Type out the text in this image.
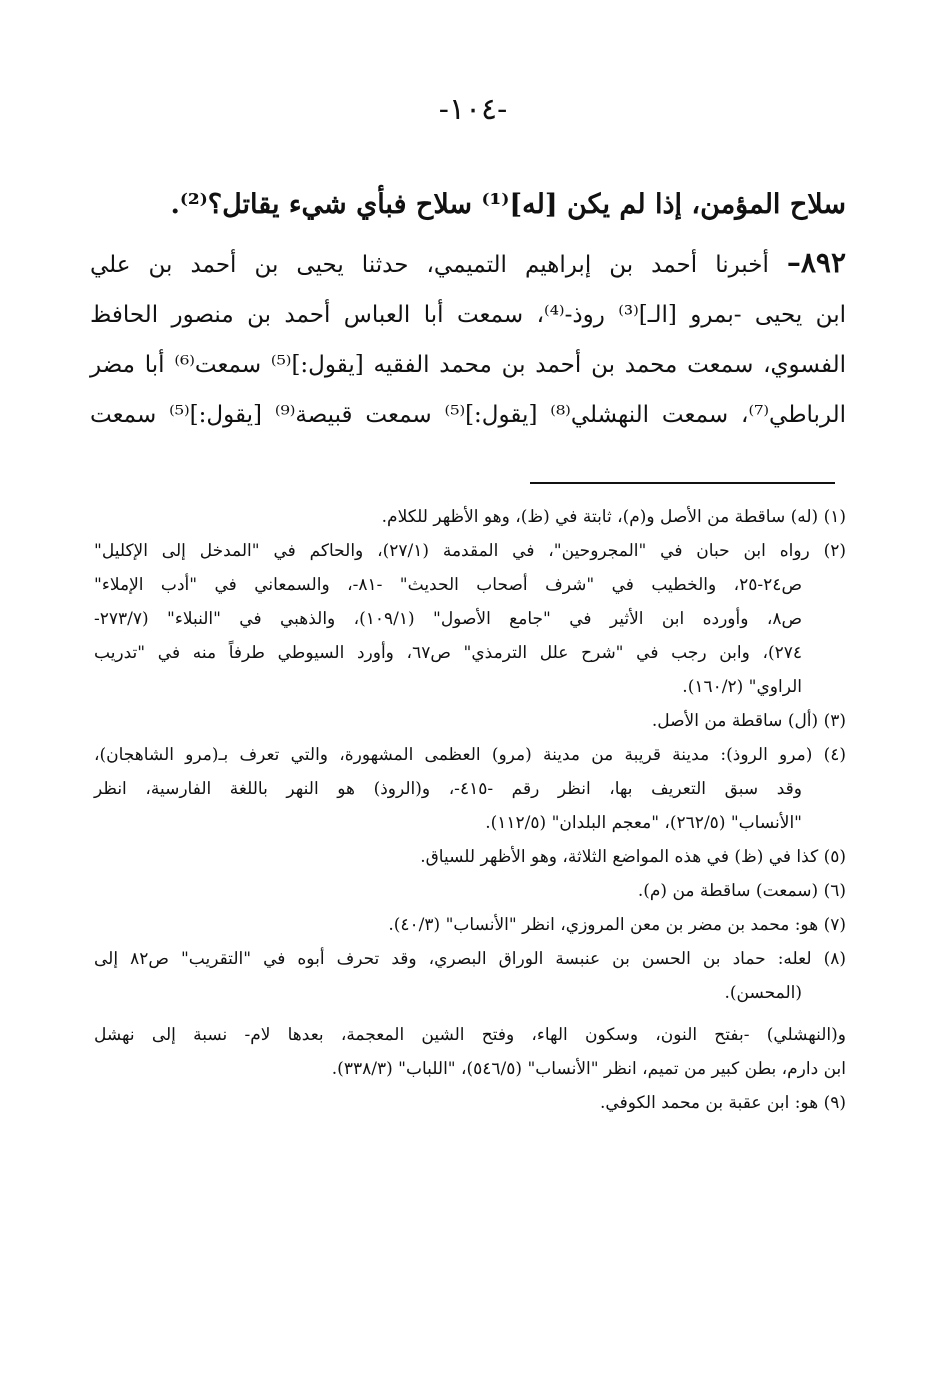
-١٠٤-
سلاح المؤمن، إذا لم يكن [له]⁽¹⁾ سلاح فبأي شيء يقاتل؟⁽²⁾.
٨٩٢– أخبرنا أحمد بن إبراهيم التميمي، حدثنا يحيى بن أحمد بن علي
ابن يحيى -بمرو [الـ]⁽³⁾ روذ-⁽⁴⁾، سمعت أبا العباس أحمد بن منصور الحافظ
الفسوي، سمعت محمد بن أحمد بن محمد الفقيه [يقول:]⁽⁵⁾ سمعت⁽⁶⁾ أبا مضر
الرباطي⁽⁷⁾، سمعت النهشلي⁽⁸⁾ [يقول:]⁽⁵⁾ سمعت قبيصة⁽⁹⁾ [يقول:]⁽⁵⁾ سمعت

(١) (له) ساقطة من الأصل و(م)، ثابتة في (ظ)، وهو الأظهر للكلام.

(٢) رواه ابن حبان في "المجروحين"، في المقدمة (٢٧/١)، والحاكم في "المدخل إلى الإكليل"
ص٢٤-٢٥، والخطيب في "شرف أصحاب الحديث" -٨١-، والسمعاني في "أدب الإملاء"
ص٨، وأورده ابن الأثير في "جامع الأصول" (١٠٩/١)، والذهبي في "النبلاء" (٢٧٣/٧-
٢٧٤)، وابن رجب في "شرح علل الترمذي" ص٦٧، وأورد السيوطي طرفاً منه في "تدريب
الراوي" (١٦٠/٢).

(٣) (أل) ساقطة من الأصل.

(٤) (مرو الروذ): مدينة قريبة من مدينة (مرو) العظمى المشهورة، والتي تعرف بـ(مرو الشاهجان)،
وقد سبق التعريف بها، انظر رقم -٤١٥-، و(الروذ) هو النهر باللغة الفارسية، انظر
"الأنساب" (٢٦٢/٥)، "معجم البلدان" (١١٢/٥).

(٥) كذا في (ظ) في هذه المواضع الثلاثة، وهو الأظهر للسياق.

(٦) (سمعت) ساقطة من (م).

(٧) هو: محمد بن مضر بن معن المروزي، انظر "الأنساب" (٤٠/٣).

(٨) لعله: حماد بن الحسن بن عنبسة الوراق البصري، وقد تحرف أبوه في "التقريب" ص٨٢ إلى
(المحسن).

و(النهشلي) -بفتح النون، وسكون الهاء، وفتح الشين المعجمة، بعدها لام- نسبة إلى نهشل
ابن دارم، بطن كبير من تميم، انظر "الأنساب" (٥٤٦/٥)، "اللباب" (٣٣٨/٣).

(٩) هو: ابن عقبة بن محمد الكوفي.
